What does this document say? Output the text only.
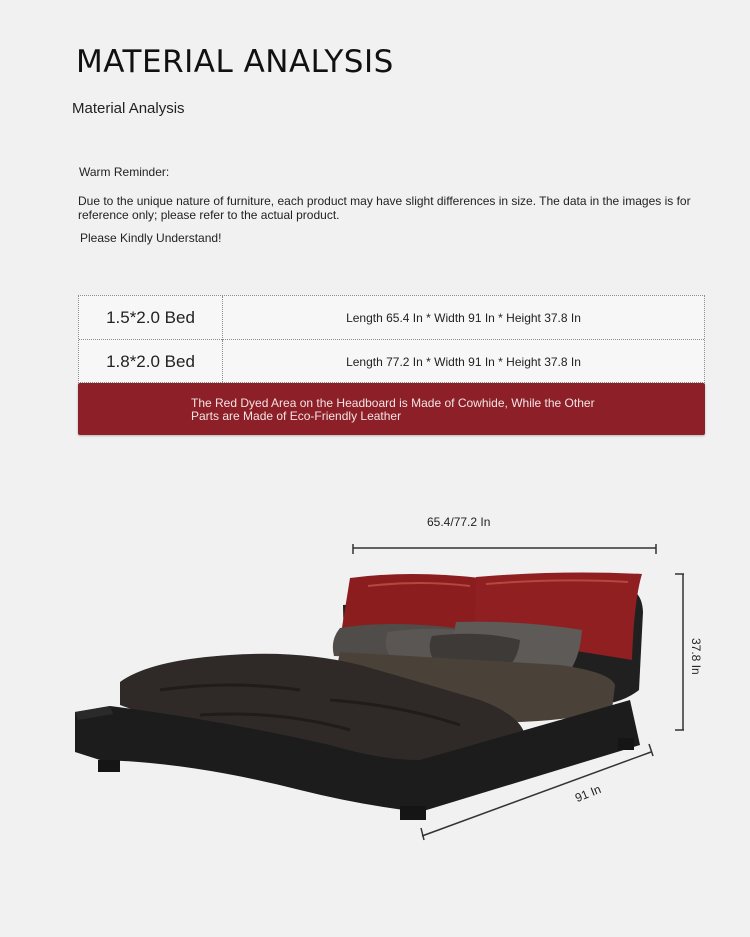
MATERIAL ANALYSIS
Material Analysis
Warm Reminder:
Due to the unique nature of furniture, each product may have slight differences in size. The data in the images is for reference only; please refer to the actual product.
Please Kindly Understand!
1.5*2.0 Bed	Length 65.4 In * Width 91 In * Height 37.8 In
1.8*2.0 Bed	Length 77.2 In * Width 91 In * Height 37.8 In
The Red Dyed Area on the Headboard is Made of Cowhide, While the Other Parts are Made of Eco-Friendly Leather
65.4/77.2 In
37.8 In
91 In
